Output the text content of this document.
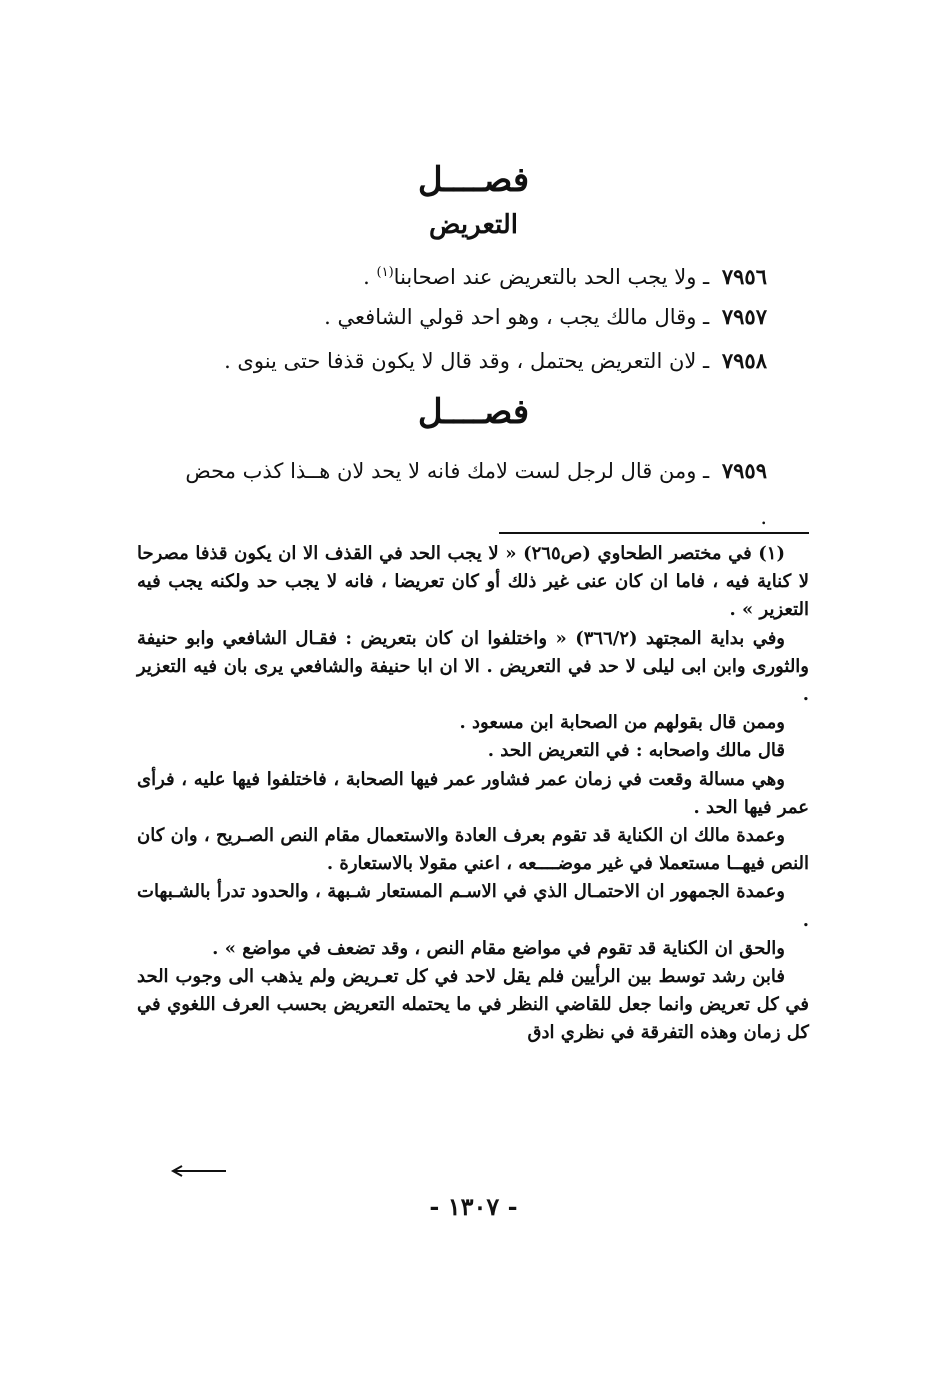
فصــــل
التعريض
٧٩٥٦ ـ ولا يجب الحد بالتعريض عند اصحابنا$^{(١)}$ .
٧٩٥٧ ـ وقال مالك يجب ، وهو احد قولي الشافعي .
٧٩٥٨ ـ لان التعريض يحتمل ، وقد قال لا يكون قذفا حتى ينوى .
فصــــل
٧٩٥٩ ـ ومن قال لرجل لست لامك فانه لا يحد لان هــذا كذب محض .

(١) في مختصر الطحاوي (ص٢٦٥) « لا يجب الحد في القذف الا ان يكون قذفا مصرحا لا كناية فيه ، فاما ان كان عنى غير ذلك أو كان تعريضا ، فانه لا يجب حد ولكنه يجب فيه التعزير » .

وفي بداية المجتهد (٣٦٦/٢) « واختلفوا ان كان بتعريض : فقـال الشافعي وابو حنيفة والثورى وابن ابى ليلى لا حد في التعريض . الا ان ابا حنيفة والشافعي يرى بان فيه التعزير .

وممن قال بقولهم من الصحابة ابن مسعود .

قال مالك واصحابه : في التعريض الحد .

وهي مسالة وقعت في زمان عمر فشاور عمر فيها الصحابة ، فاختلفوا فيها عليه ، فرأى عمر فيها الحد .

وعمدة مالك ان الكناية قد تقوم بعرف العادة والاستعمال مقام النص الصـريح ، وان كان النص فيهــا مستعملا في غير موضــــعه ، اعني مقولا بالاستعارة .

وعمدة الجمهور ان الاحتمـال الذي في الاسـم المستعار شـبهة ، والحدود تدرأ بالشـبهات .

والحق ان الكناية قد تقوم في مواضع مقام النص ، وقد تضعف في مواضع » .

فابن رشد توسط بين الرأيين فلم يقل لاحد في كل تعـريض ولم يذهب الى وجوب الحد في كل تعريض وانما جعل للقاضي النظر في ما يحتمله التعريض بحسب العرف اللغوي في كل زمان وهذه التفرقة في نظري ادق

- ١٣٠٧ -
